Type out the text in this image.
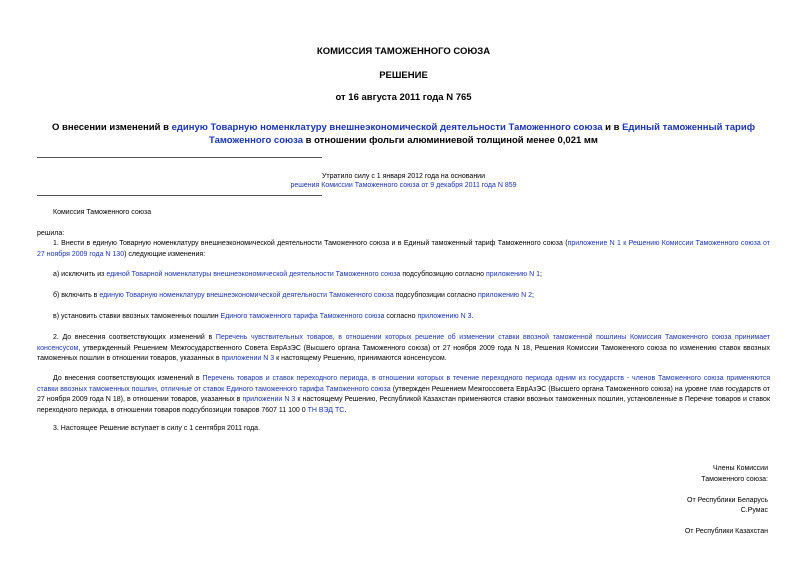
КОМИССИЯ ТАМОЖЕННОГО СОЮЗА
РЕШЕНИЕ
от 16 августа 2011 года N 765
О внесении изменений в единую Товарную номенклатуру внешнеэкономической деятельности Таможенного союза и в Единый таможенный тариф Таможенного союза в отношении фольги алюминиевой толщиной менее 0,021 мм
Утратило силу с 1 января 2012 года на основании
решения Комиссии Таможенного союза от 9 декабря 2011 года N 859
Комиссия Таможенного союза
решила:
1. Внести в единую Товарную номенклатуру внешнеэкономической деятельности Таможенного союза и в Единый таможенный тариф Таможенного союза (приложение N 1 к Решению Комиссии Таможенного союза от 27 ноября 2009 года N 130) следующие изменения:
а) исключить из единой Товарной номенклатуры внешнеэкономической деятельности Таможенного союза подсубпозицию согласно приложению N 1;
б) включить в единую Товарную номенклатуру внешнеэкономической деятельности Таможенного союза подсубпозиции согласно приложению N 2;
в) установить ставки ввозных таможенных пошлин Единого таможенного тарифа Таможенного союза согласно приложению N 3.
2. До внесения соответствующих изменений в Перечень чувствительных товаров, в отношении которых решение об изменении ставки ввозной таможенной пошлины Комиссия Таможенного союза принимает консенсусом, утвержденный Решением Межгосударственного Совета ЕврАзЭС (Высшего органа Таможенного союза) от 27 ноября 2009 года N 18, Решения Комиссии Таможенного союза по изменению ставок ввозных таможенных пошлин в отношении товаров, указанных в приложении N 3 к настоящему Решению, принимаются консенсусом.
До внесения соответствующих изменений в Перечень товаров и ставок переходного периода, в отношении которых в течение переходного периода одним из государств - членов Таможенного союза применяются ставки ввозных таможенных пошлин, отличные от ставок Единого таможенного тарифа Таможенного союза (утвержден Решением Межгоссовета ЕврАзЭС (Высшего органа Таможенного союза) на уровне глав государств от 27 ноября 2009 года N 18), в отношении товаров, указанных в приложении N 3 к настоящему Решению, Республикой Казахстан применяются ставки ввозных таможенных пошлин, установленные в Перечне товаров и ставок переходного периода, в отношении товаров подсубпозиции товаров 7607 11 100 0 ТН ВЭД ТС.
3. Настоящее Решение вступает в силу с 1 сентября 2011 года.
Члены Комиссии
Таможенного союза:
От Республики Беларусь
С.Румас
От Республики Казахстан
